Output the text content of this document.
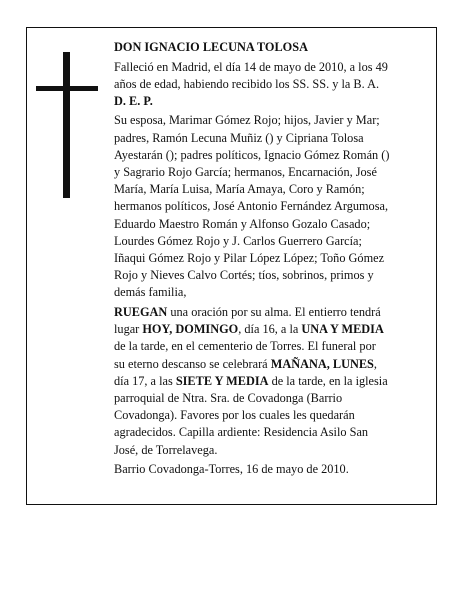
DON IGNACIO LECUNA TOLOSA

Falleció en Madrid, el día 14 de mayo de 2010, a los 49

años de edad, habiendo recibido los SS. SS. y la B. A.

D. E. P.

Su esposa, Marimar Gómez Rojo; hijos, Javier y Mar;

padres, Ramón Lecuna Muñiz () y Cipriana Tolosa

Ayestarán (); padres políticos, Ignacio Gómez Román ()

y Sagrario Rojo García; hermanos, Encarnación, José

María, María Luisa, María Amaya, Coro y Ramón;

hermanos políticos, José Antonio Fernández Argumosa,

Eduardo Maestro Román y Alfonso Gozalo Casado;

Lourdes Gómez Rojo y J. Carlos Guerrero García;

Iñaqui Gómez Rojo y Pilar López López; Toño Gómez

Rojo y Nieves Calvo Cortés; tíos, sobrinos, primos y

demás familia,

RUEGAN una oración por su alma. El entierro tendrá

lugar HOY, DOMINGO, día 16, a la UNA Y MEDIA

de la tarde, en el cementerio de Torres. El funeral por

su eterno descanso se celebrará MAÑANA, LUNES,

día 17, a las SIETE Y MEDIA de la tarde, en la iglesia

parroquial de Ntra. Sra. de Covadonga (Barrio

Covadonga). Favores por los cuales les quedarán

agradecidos. Capilla ardiente: Residencia Asilo San

José, de Torrelavega.

Barrio Covadonga-Torres, 16 de mayo de 2010.
